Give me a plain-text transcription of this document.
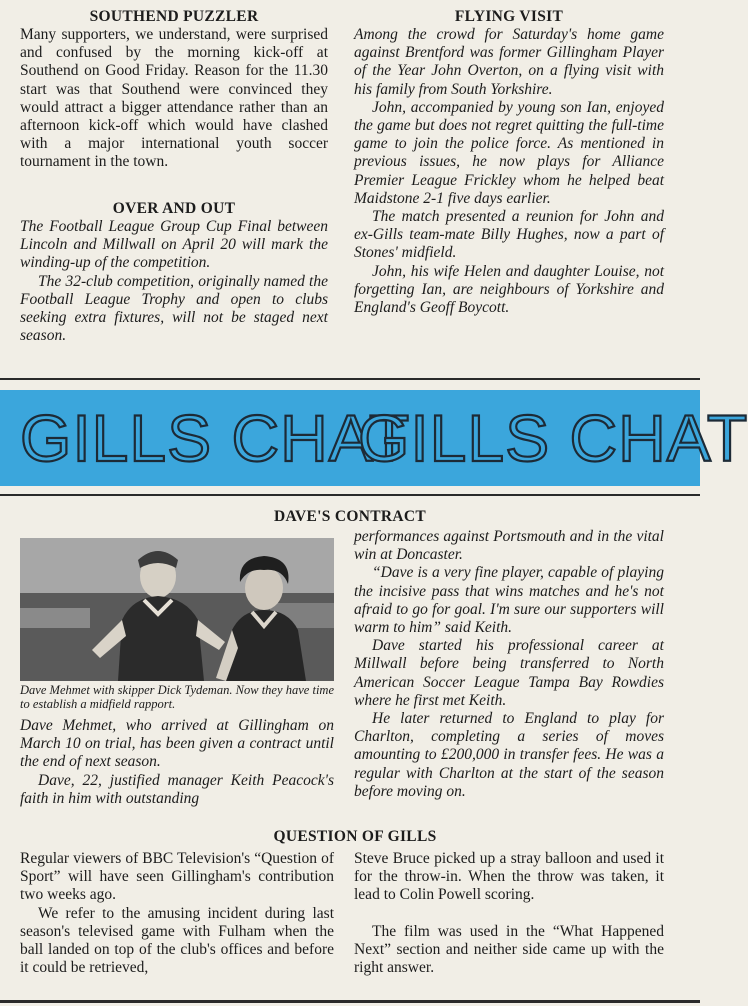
SOUTHEND PUZZLER

Many supporters, we understand, were surprised and confused by the morning kick-off at Southend on Good Friday. Reason for the 11.30 start was that Southend were convinced they would attract a bigger attendance rather than an afternoon kick-off which would have clashed with a major international youth soccer tournament in the town.

OVER AND OUT

The Football League Group Cup Final between Lincoln and Millwall on April 20 will mark the winding-up of the competition.

The 32-club competition, originally named the Football League Trophy and open to clubs seeking extra fixtures, will not be staged next season.

FLYING VISIT

Among the crowd for Saturday's home game against Brentford was former Gillingham Player of the Year John Overton, on a flying visit with his family from South Yorkshire.

John, accompanied by young son Ian, enjoyed the game but does not regret quitting the full-time game to join the police force. As mentioned in previous issues, he now plays for Alliance Premier League Frickley whom he helped beat Maidstone 2-1 five days earlier.

The match presented a reunion for John and ex-Gills team-mate Billy Hughes, now a part of Stones' midfield.

John, his wife Helen and daughter Louise, not forgetting Ian, are neighbours of Yorkshire and England's Geoff Boycott.

GILLS CHAT
GILLS CHAT
DAVE'S CONTRACT
Dave Mehmet with skipper Dick Tydeman. Now they have time to establish a midfield rapport.

Dave Mehmet, who arrived at Gillingham on March 10 on trial, has been given a contract until the end of next season.

Dave, 22, justified manager Keith Peacock's faith in him with outstanding

performances against Portsmouth and in the vital win at Doncaster.

“Dave is a very fine player, capable of playing the incisive pass that wins matches and he's not afraid to go for goal. I'm sure our supporters will warm to him” said Keith.

Dave started his professional career at Millwall before being transferred to North American Soccer League Tampa Bay Rowdies where he first met Keith.

He later returned to England to play for Charlton, completing a series of moves amounting to £200,000 in transfer fees. He was a regular with Charlton at the start of the season before moving on.

QUESTION OF GILLS

Regular viewers of BBC Television's “Question of Sport” will have seen Gillingham's contribution two weeks ago.

We refer to the amusing incident during last season's televised game with Fulham when the ball landed on top of the club's offices and before it could be retrieved,

Steve Bruce picked up a stray balloon and used it for the throw-in. When the throw was taken, it lead to Colin Powell scoring.

The film was used in the “What Happened Next” section and neither side came up with the right answer.
